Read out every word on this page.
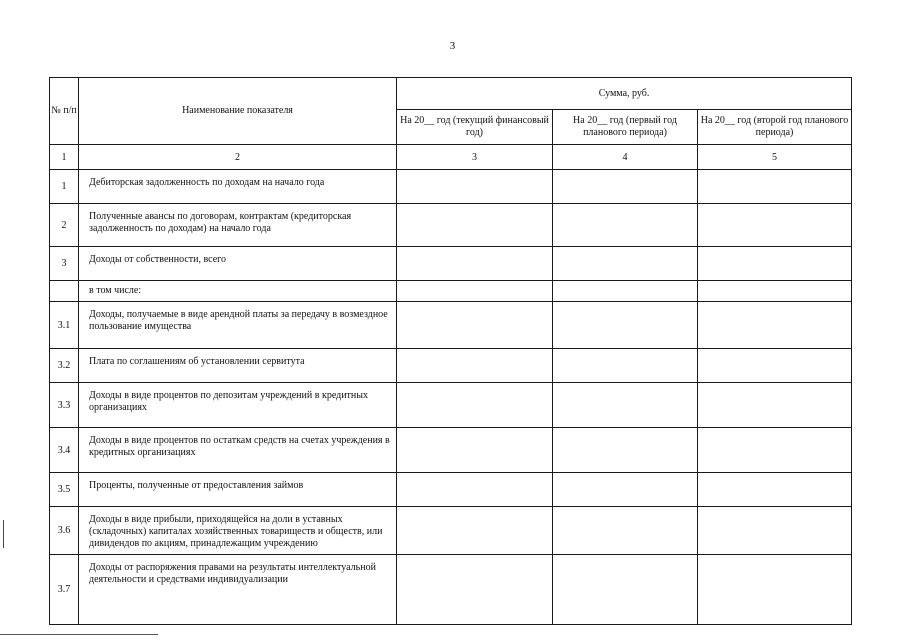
3
№ п/п	Наименование показателя	Сумма, руб.		
		На 20__ год (текущий финансовый год)	На 20__ год (первый год планового периода)	На 20__ год (второй год планового периода)
1	2	3	4	5
1	Дебиторская задолженность по доходам на начало года			
2	Полученные авансы по договорам, контрактам (кредиторская задолженность по доходам) на начало года			
3	Доходы от собственности, всего			
	в том числе:			
3.1	Доходы, получаемые в виде арендной платы за передачу в возмездное пользование имущества			
3.2	Плата по соглашениям об установлении сервитута			
3.3	Доходы в виде процентов по депозитам учреждений в кредитных организациях			
3.4	Доходы в виде процентов по остаткам средств на счетах учреждения в кредитных организациях			
3.5	Проценты, полученные от предоставления займов			
3.6	Доходы в виде прибыли, приходящейся на доли в уставных (складочных) капиталах хозяйственных товариществ и обществ, или дивидендов по акциям, принадлежащим учреждению			
3.7	Доходы от распоряжения правами на результаты интеллектуальной деятельности и средствами индивидуализации			
